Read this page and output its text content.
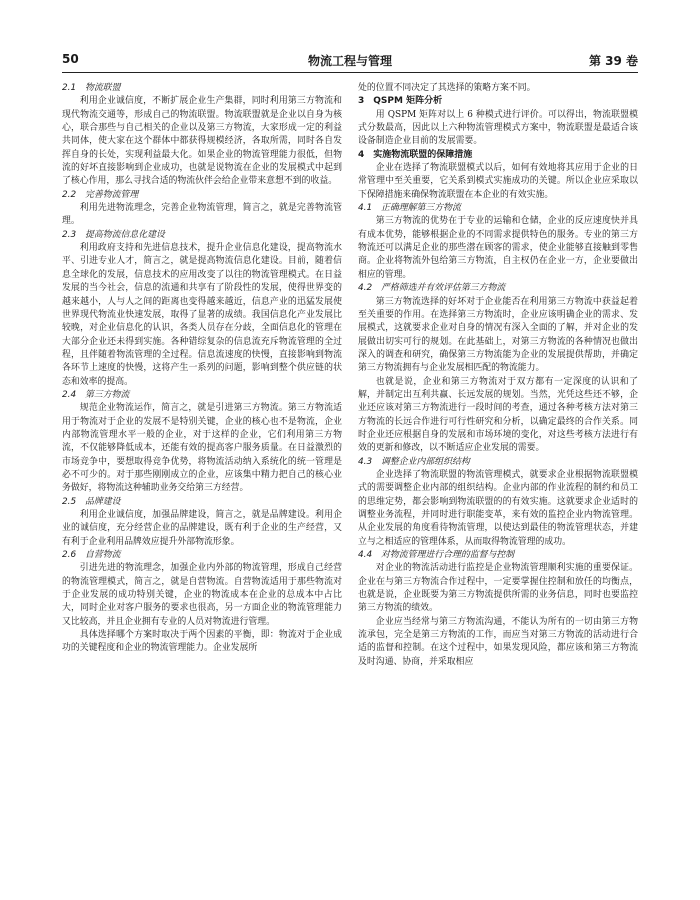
50	物流工程与管理	第 39 卷
2.1　物流联盟

利用企业诚信度，不断扩展企业生产集群，同时利用第三方物流和现代物流交通等，形成自己的物流联盟。物流联盟就是企业以自身为核心，联合那些与自己相关的企业以及第三方物流，大家形成一定的利益共同体，使大家在这个群体中都获得规模经济，各取所需，同时各自发挥自身的长处，实现利益最大化。如果企业的物流管理能力很低，但物流的好坏直接影响到企业成功，也就是说物流在企业的发展模式中起到了核心作用，那么寻找合适的物流伙伴会给企业带来意想不到的收益。

2.2　完善物流管理

利用先进物流理念，完善企业物流管理，简言之，就是完善物流管理。

2.3　提高物流信息化建设

利用政府支持和先进信息技术，提升企业信息化建设，提高物流水平、引进专业人才，简言之，就是提高物流信息化建设。目前，随着信息全球化的发展，信息技术的应用改变了以往的物流管理模式。在日益发展的当今社会，信息的流通和共享有了阶段性的发展，使得世界变的越来越小，人与人之间的距离也变得越来越近，信息产业的迅猛发展使世界现代物流业快速发展，取得了显著的成绩。我国信息化产业发展比较晚，对企业信息化的认识，各类人员存在分歧，全面信息化的管理在大部分企业还未得到实施。各种错综复杂的信息流充斥物流管理的全过程，且伴随着物流管理的全过程。信息流速度的快慢，直接影响到物流各环节上速度的快慢，这将产生一系列的问题，影响到整个供应链的状态和效率的提高。

2.4　第三方物流

规范企业物流运作，简言之，就是引进第三方物流。第三方物流适用于物流对于企业的发展不是特别关键，企业的核心也不是物流，企业内部物流管理水平一般的企业，对于这样的企业，它们利用第三方物流，不仅能够降低成本，还能有效的提高客户服务质量。在日益激烈的市场竞争中，要想取得竞争优势，将物流活动纳入系统化的统一管理是必不可少的。对于那些刚刚成立的企业，应该集中精力把自己的核心业务做好，将物流这种辅助业务交给第三方经营。

2.5　品牌建设

利用企业诚信度，加强品牌建设，简言之，就是品牌建设。利用企业的诚信度，充分经营企业的品牌建设，既有利于企业的生产经营，又有利于企业利用品牌效应提升外部物流形象。

2.6　自营物流

引进先进的物流理念，加强企业内外部的物流管理，形成自己经营的物流管理模式，简言之，就是自营物流。自营物流适用于那些物流对于企业发展的成功特别关键，企业的物流成本在企业的总成本中占比大，同时企业对客户服务的要求也很高，另一方面企业的物流管理能力又比较高，并且企业拥有专业的人员对物流进行管理。

具体选择哪个方案时取决于两个因素的平衡，即：物流对于企业成功的关键程度和企业的物流管理能力。企业发展所

处的位置不同决定了其选择的策略方案不同。

3　QSPM 矩阵分析

用 QSPM 矩阵对以上 6 种模式进行评价。可以得出，物流联盟模式分数最高，因此以上六种物流管理模式方案中，物流联盟是最适合该设备制造企业目前的发展需要。

4　实施物流联盟的保障措施

企业在选择了物流联盟模式以后，如何有效地将其应用于企业的日常管理中至关重要，它关系到模式实施成功的关键。所以企业应采取以下保障措施来确保物流联盟在本企业的有效实施。

4.1　正确理解第三方物流

第三方物流的优势在于专业的运输和仓储，企业的反应速度快并具有成本优势，能够根据企业的不同需求提供特色的服务。专业的第三方物流还可以满足企业的那些潜在顾客的需求，使企业能够直接触到零售商。企业将物流外包给第三方物流，自主权仍在企业一方，企业要做出相应的管理。

4.2　严格筛选并有效评估第三方物流

第三方物流选择的好坏对于企业能否在利用第三方物流中获益起着至关重要的作用。在选择第三方物流时，企业应该明确企业的需求、发展模式，这就要求企业对自身的情况有深入全面的了解，并对企业的发展做出切实可行的规划。在此基础上，对第三方物流的各种情况也做出深入的调查和研究，确保第三方物流能为企业的发展提供帮助，并确定第三方物流拥有与企业发展相匹配的物流能力。

也就是说，企业和第三方物流对于双方都有一定深度的认识和了解，并制定出互利共赢、长远发展的规划。当然，光凭这些还不够，企业还应该对第三方物流进行一段时间的考查，通过各种考核方法对第三方物流的长远合作进行可行性研究和分析，以确定最终的合作关系。同时企业还应根据自身的发展和市场环境的变化，对这些考核方法进行有效的更新和修改，以不断适应企业发展的需要。

4.3　调整企业内部组织结构

企业选择了物流联盟的物流管理模式，就要求企业根据物流联盟模式的需要调整企业内部的组织结构。企业内部的作业流程的制约和员工的思维定势，都会影响到物流联盟的的有效实施。这就要求企业适时的调整业务流程，并同时进行职能变革，来有效的监控企业内物流管理。从企业发展的角度看待物流管理，以使达到最佳的物流管理状态，并建立与之相适应的管理体系，从而取得物流管理的成功。

4.4　对物流管理进行合理的监督与控制

对企业的物流活动进行监控是企业物流管理顺利实施的重要保证。企业在与第三方物流合作过程中，一定要掌握住控制和放任的均衡点，也就是说，企业既要为第三方物流提供所需的业务信息，同时也要监控第三方物流的绩效。

企业应当经常与第三方物流沟通，不能认为所有的一切由第三方物流承包，完全是第三方物流的工作，而应当对第三方物流的活动进行合适的监督和控制。在这个过程中，如果发现风险，都应该和第三方物流及时沟通、协商，并采取相应
